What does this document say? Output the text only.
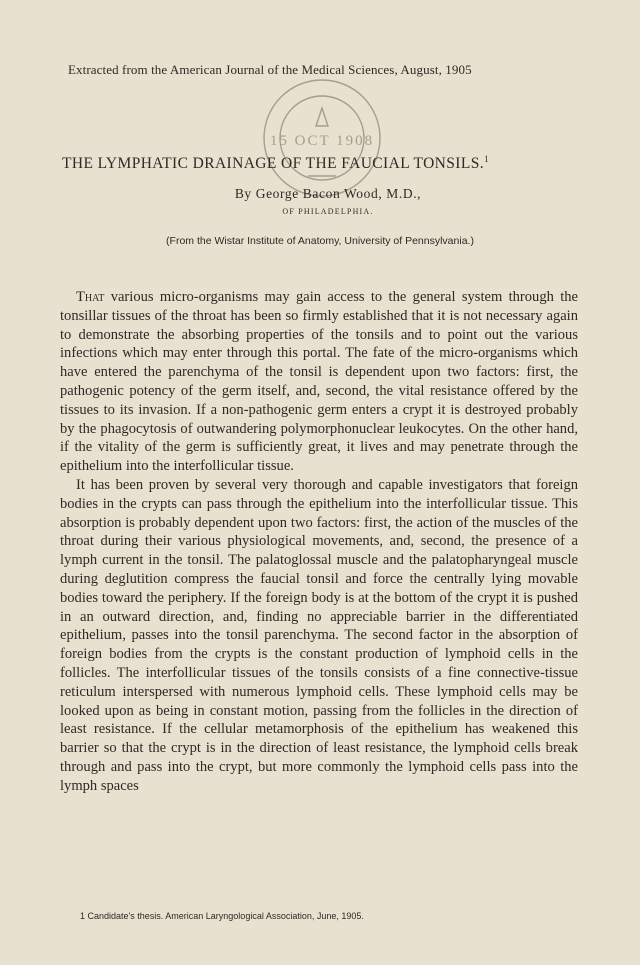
Extracted from the American Journal of the Medical Sciences, August, 1905
15 OCT 1908
THE LYMPHATIC DRAINAGE OF THE FAUCIAL TONSILS.$^1$
By George Bacon Wood, M.D.,
OF PHILADELPHIA.
(From the Wistar Institute of Anatomy, University of Pennsylvania.)

That various micro-organisms may gain access to the general system through the tonsillar tissues of the throat has been so firmly established that it is not necessary again to demonstrate the absorbing properties of the tonsils and to point out the various infections which may enter through this portal. The fate of the micro-organisms which have entered the parenchyma of the tonsil is dependent upon two factors: first, the pathogenic potency of the germ itself, and, second, the vital resistance offered by the tissues to its invasion. If a non-pathogenic germ enters a crypt it is destroyed probably by the phagocytosis of outwandering polymorphonuclear leukocytes. On the other hand, if the vitality of the germ is sufficiently great, it lives and may penetrate through the epithelium into the interfollicular tissue.

It has been proven by several very thorough and capable investigators that foreign bodies in the crypts can pass through the epithelium into the interfollicular tissue. This absorption is probably dependent upon two factors: first, the action of the muscles of the throat during their various physiological movements, and, second, the presence of a lymph current in the tonsil. The palatoglossal muscle and the palatopharyngeal muscle during deglutition compress the faucial tonsil and force the centrally lying movable bodies toward the periphery. If the foreign body is at the bottom of the crypt it is pushed in an outward direction, and, finding no appreciable barrier in the differentiated epithelium, passes into the tonsil parenchyma. The second factor in the absorption of foreign bodies from the crypts is the constant production of lymphoid cells in the follicles. The interfollicular tissues of the tonsils consists of a fine connective-tissue reticulum interspersed with numerous lymphoid cells. These lymphoid cells may be looked upon as being in constant motion, passing from the follicles in the direction of least resistance. If the cellular metamorphosis of the epithelium has weakened this barrier so that the crypt is in the direction of least resistance, the lymphoid cells break through and pass into the crypt, but more commonly the lymphoid cells pass into the lymph spaces

1 Candidate's thesis. American Laryngological Association, June, 1905.
